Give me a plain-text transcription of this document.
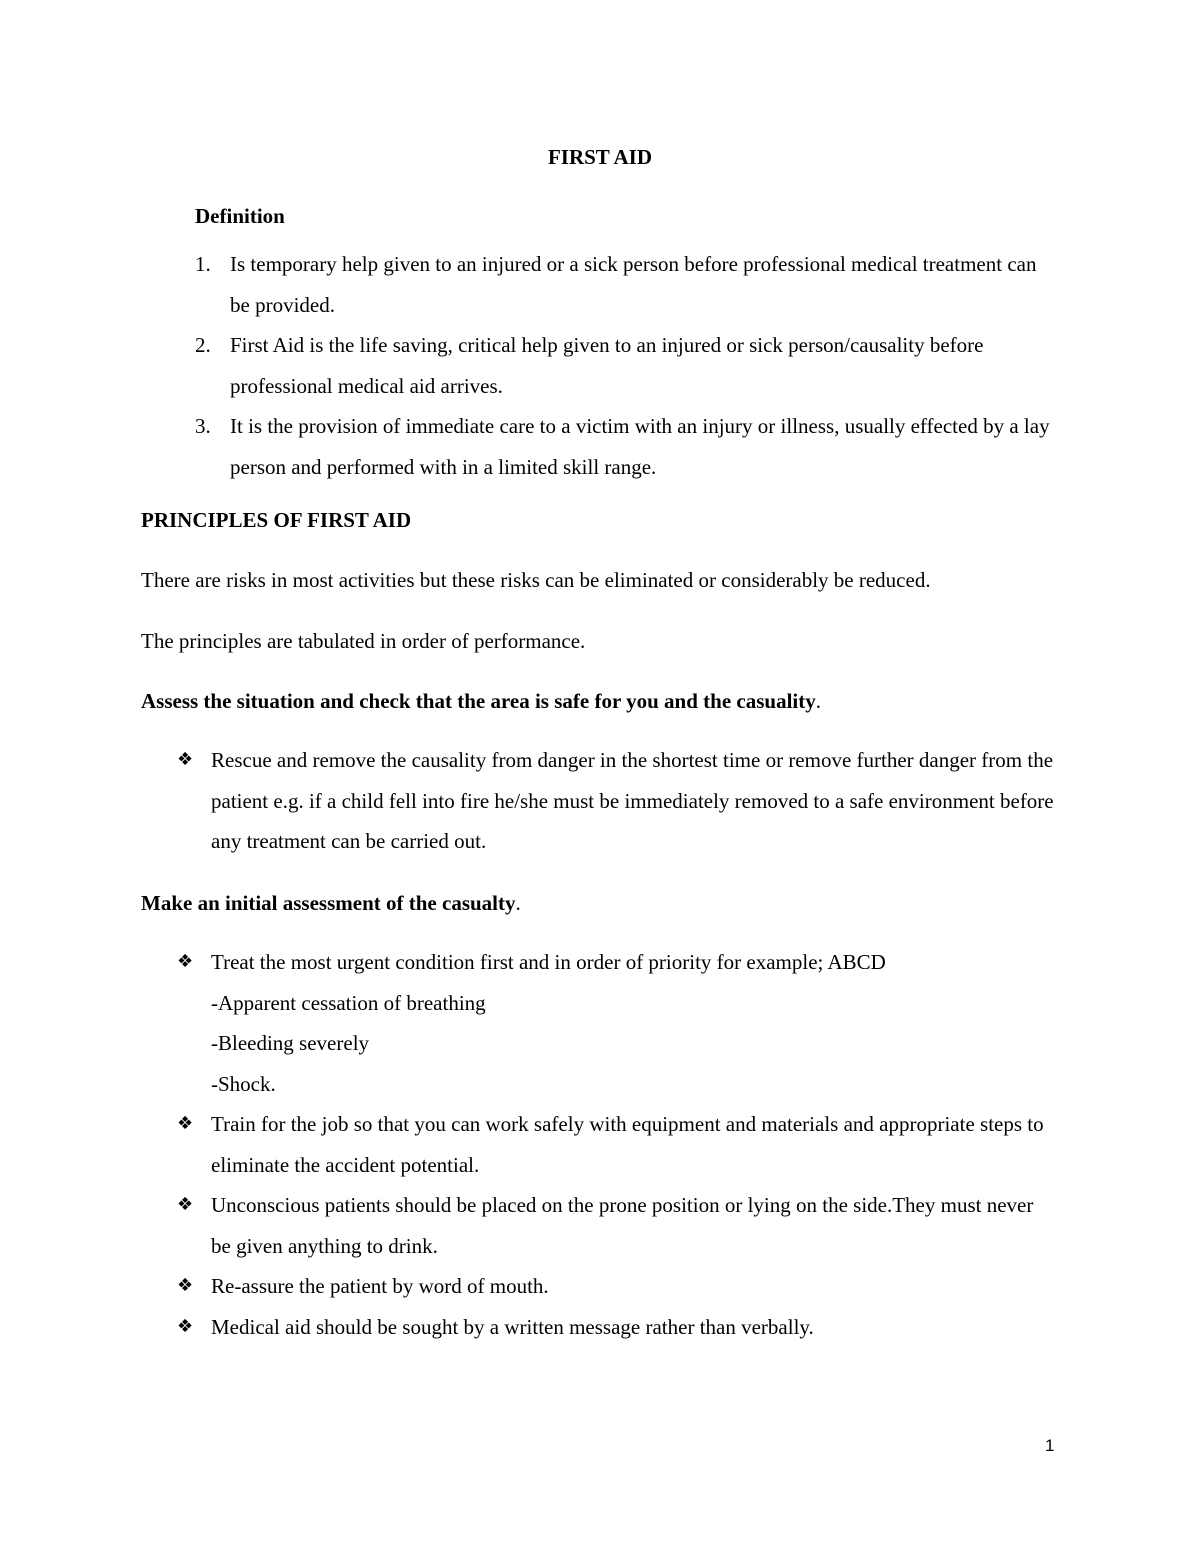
FIRST AID
Definition
1. Is temporary help given to an injured or a sick person before professional medical treatment can be provided.
2. First Aid is the life saving, critical help given to an injured or sick person/causality before professional medical aid arrives.
3. It is the provision of immediate care to a victim with an injury or illness, usually effected by a lay person and performed with in a limited skill range.
PRINCIPLES OF FIRST AID
There are risks in most activities but these risks can be eliminated or considerably be reduced.
The principles are tabulated in order of performance.
Assess the situation and check that the area is safe for you and the casuality.
❖ Rescue and remove the causality from danger in the shortest time or remove further danger from the patient e.g. if a child fell into fire he/she must be immediately removed to a safe environment before any treatment can be carried out.
Make an initial assessment of the casualty.
❖ Treat the most urgent condition first and in order of priority for example; ABCD
-Apparent cessation of breathing
-Bleeding severely
-Shock.
❖ Train for the job so that you can work safely with equipment and materials and appropriate steps to eliminate the accident potential.
❖ Unconscious patients should be placed on the prone position or lying on the side.They must never be given anything to drink.
❖ Re-assure the patient by word of mouth.
❖ Medical aid should be sought by a written message rather than verbally.
1
